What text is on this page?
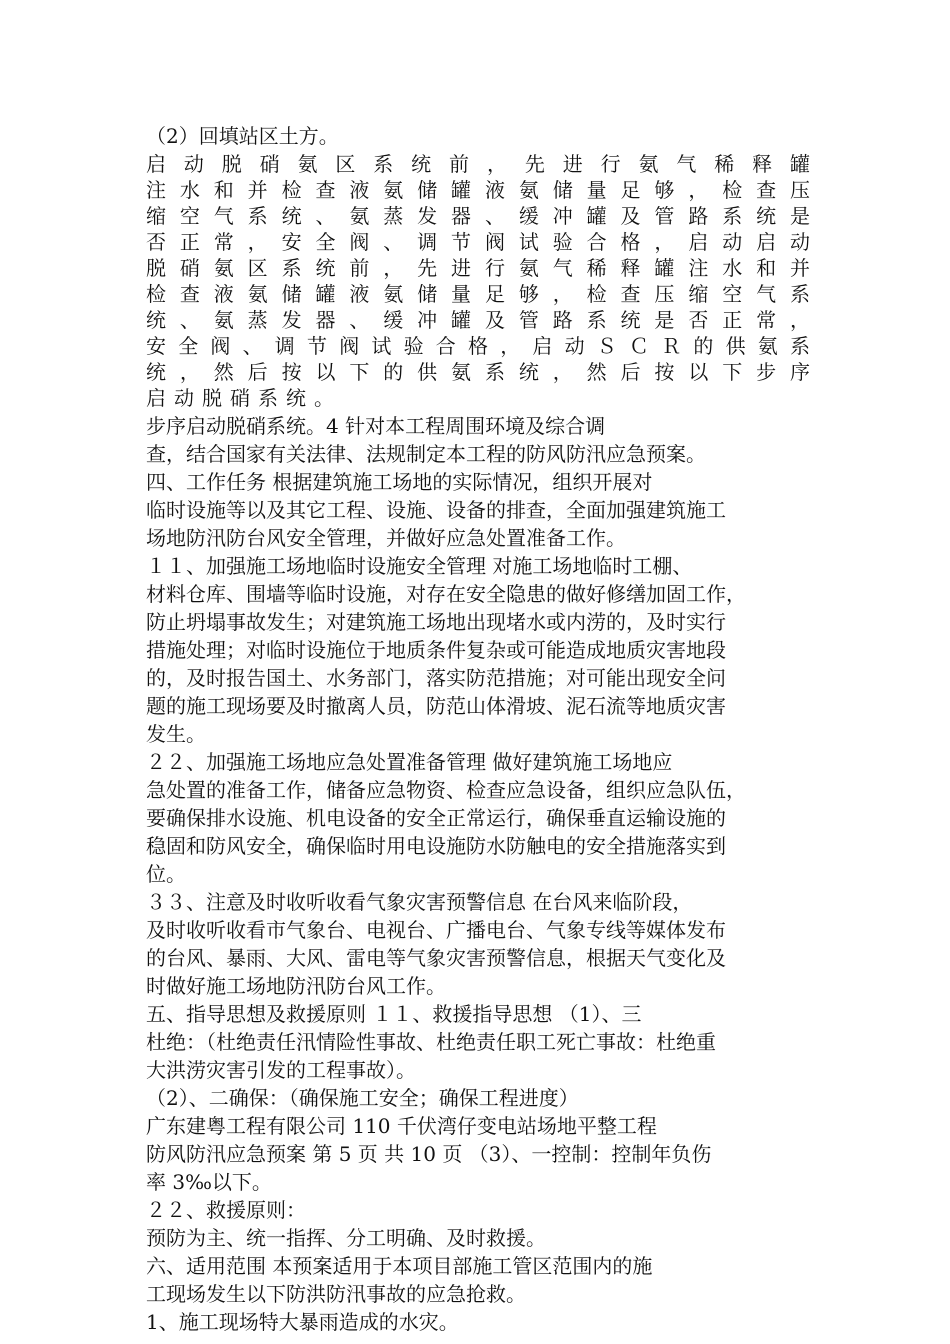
（2）回填站区土方。
启动脱硝氨区系统前，先进行氨气稀释罐
注水和并检查液氨储罐液氨储量足够，检查压
缩空气系统、氨蒸发器、缓冲罐及管路系统是
否正常，安全阀、调节阀试验合格，启动启动
脱硝氨区系统前，先进行氨气稀释罐注水和并
检查液氨储罐液氨储量足够，检查压缩空气系
统、氨蒸发器、缓冲罐及管路系统是否正常，
安全阀、调节阀试验合格，启动ＳＣＲ的供氨系
统，然后按以下的供氨系统，然后按以下步序
启动脱硝系统。
步序启动脱硝系统。4 针对本工程周围环境及综合调
查，结合国家有关法律、法规制定本工程的防风防汛应急预案。
四、工作任务 根据建筑施工场地的实际情况，组织开展对
临时设施等以及其它工程、设施、设备的排查，全面加强建筑施工
场地防汛防台风安全管理，并做好应急处置准备工作。
１１、加强施工场地临时设施安全管理 对施工场地临时工棚、
材料仓库、围墙等临时设施，对存在安全隐患的做好修缮加固工作，
防止坍塌事故发生；对建筑施工场地出现堵水或内涝的，及时实行
措施处理；对临时设施位于地质条件复杂或可能造成地质灾害地段
的，及时报告国土、水务部门，落实防范措施；对可能出现安全问
题的施工现场要及时撤离人员，防范山体滑坡、泥石流等地质灾害
发生。
２２、加强施工场地应急处置准备管理 做好建筑施工场地应
急处置的准备工作，储备应急物资、检查应急设备，组织应急队伍，
要确保排水设施、机电设备的安全正常运行，确保垂直运输设施的
稳固和防风安全，确保临时用电设施防水防触电的安全措施落实到
位。
３３、注意及时收听收看气象灾害预警信息 在台风来临阶段，
及时收听收看市气象台、电视台、广播电台、气象专线等媒体发布
的台风、暴雨、大风、雷电等气象灾害预警信息，根据天气变化及
时做好施工场地防汛防台风工作。
五、指导思想及救援原则 １１、救援指导思想 （1）、三
杜绝：（杜绝责任汛情险性事故、杜绝责任职工死亡事故：杜绝重
大洪涝灾害引发的工程事故）。
（2）、二确保：（确保施工安全；确保工程进度）
广东建粤工程有限公司 110 千伏湾仔变电站场地平整工程
防风防汛应急预案 第 5 页 共 10 页 （3）、一控制：控制年负伤
率 3‰以下。
２２、救援原则：
预防为主、统一指挥、分工明确、及时救援。
六、适用范围 本预案适用于本项目部施工管区范围内的施
工现场发生以下防洪防汛事故的应急抢救。
1、施工现场特大暴雨造成的水灾。
